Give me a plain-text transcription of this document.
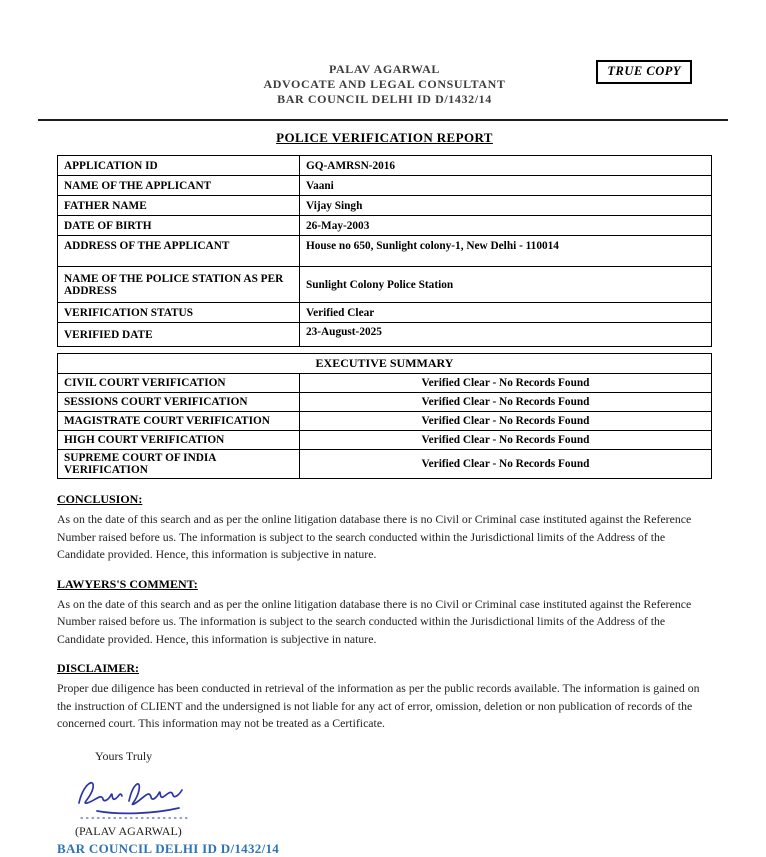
TRUE COPY
PALAV AGARWAL
ADVOCATE AND LEGAL CONSULTANT
BAR COUNCIL DELHI ID D/1432/14
POLICE VERIFICATION REPORT
APPLICATION ID	GQ-AMRSN-2016
NAME OF THE APPLICANT	Vaani
FATHER NAME	Vijay Singh
DATE OF BIRTH	26-May-2003
ADDRESS OF THE APPLICANT	House no 650, Sunlight colony-1, New Delhi - 110014
NAME OF THE POLICE STATION AS PER ADDRESS	Sunlight Colony Police Station
VERIFICATION STATUS	Verified Clear
VERIFIED DATE	23-August-2025
EXECUTIVE SUMMARY	
CIVIL COURT VERIFICATION	Verified Clear - No Records Found
SESSIONS COURT VERIFICATION	Verified Clear - No Records Found
MAGISTRATE COURT VERIFICATION	Verified Clear - No Records Found
HIGH COURT VERIFICATION	Verified Clear - No Records Found
SUPREME COURT OF INDIA VERIFICATION	Verified Clear - No Records Found
CONCLUSION:
As on the date of this search and as per the online litigation database there is no Civil or Criminal case instituted against the Reference Number raised before us. The information is subject to the search conducted within the Jurisdictional limits of the Address of the Candidate provided. Hence, this information is subjective in nature.
LAWYERS'S COMMENT:
As on the date of this search and as per the online litigation database there is no Civil or Criminal case instituted against the Reference Number raised before us. The information is subject to the search conducted within the Jurisdictional limits of the Address of the Candidate provided. Hence, this information is subjective in nature.
DISCLAIMER:
Proper due diligence has been conducted in retrieval of the information as per the public records available. The information is gained on the instruction of CLIENT and the undersigned is not liable for any act of error, omission, deletion or non publication of records of the concerned court. This information may not be treated as a Certificate.
Yours Truly
(PALAV AGARWAL)
BAR COUNCIL DELHI ID D/1432/14
